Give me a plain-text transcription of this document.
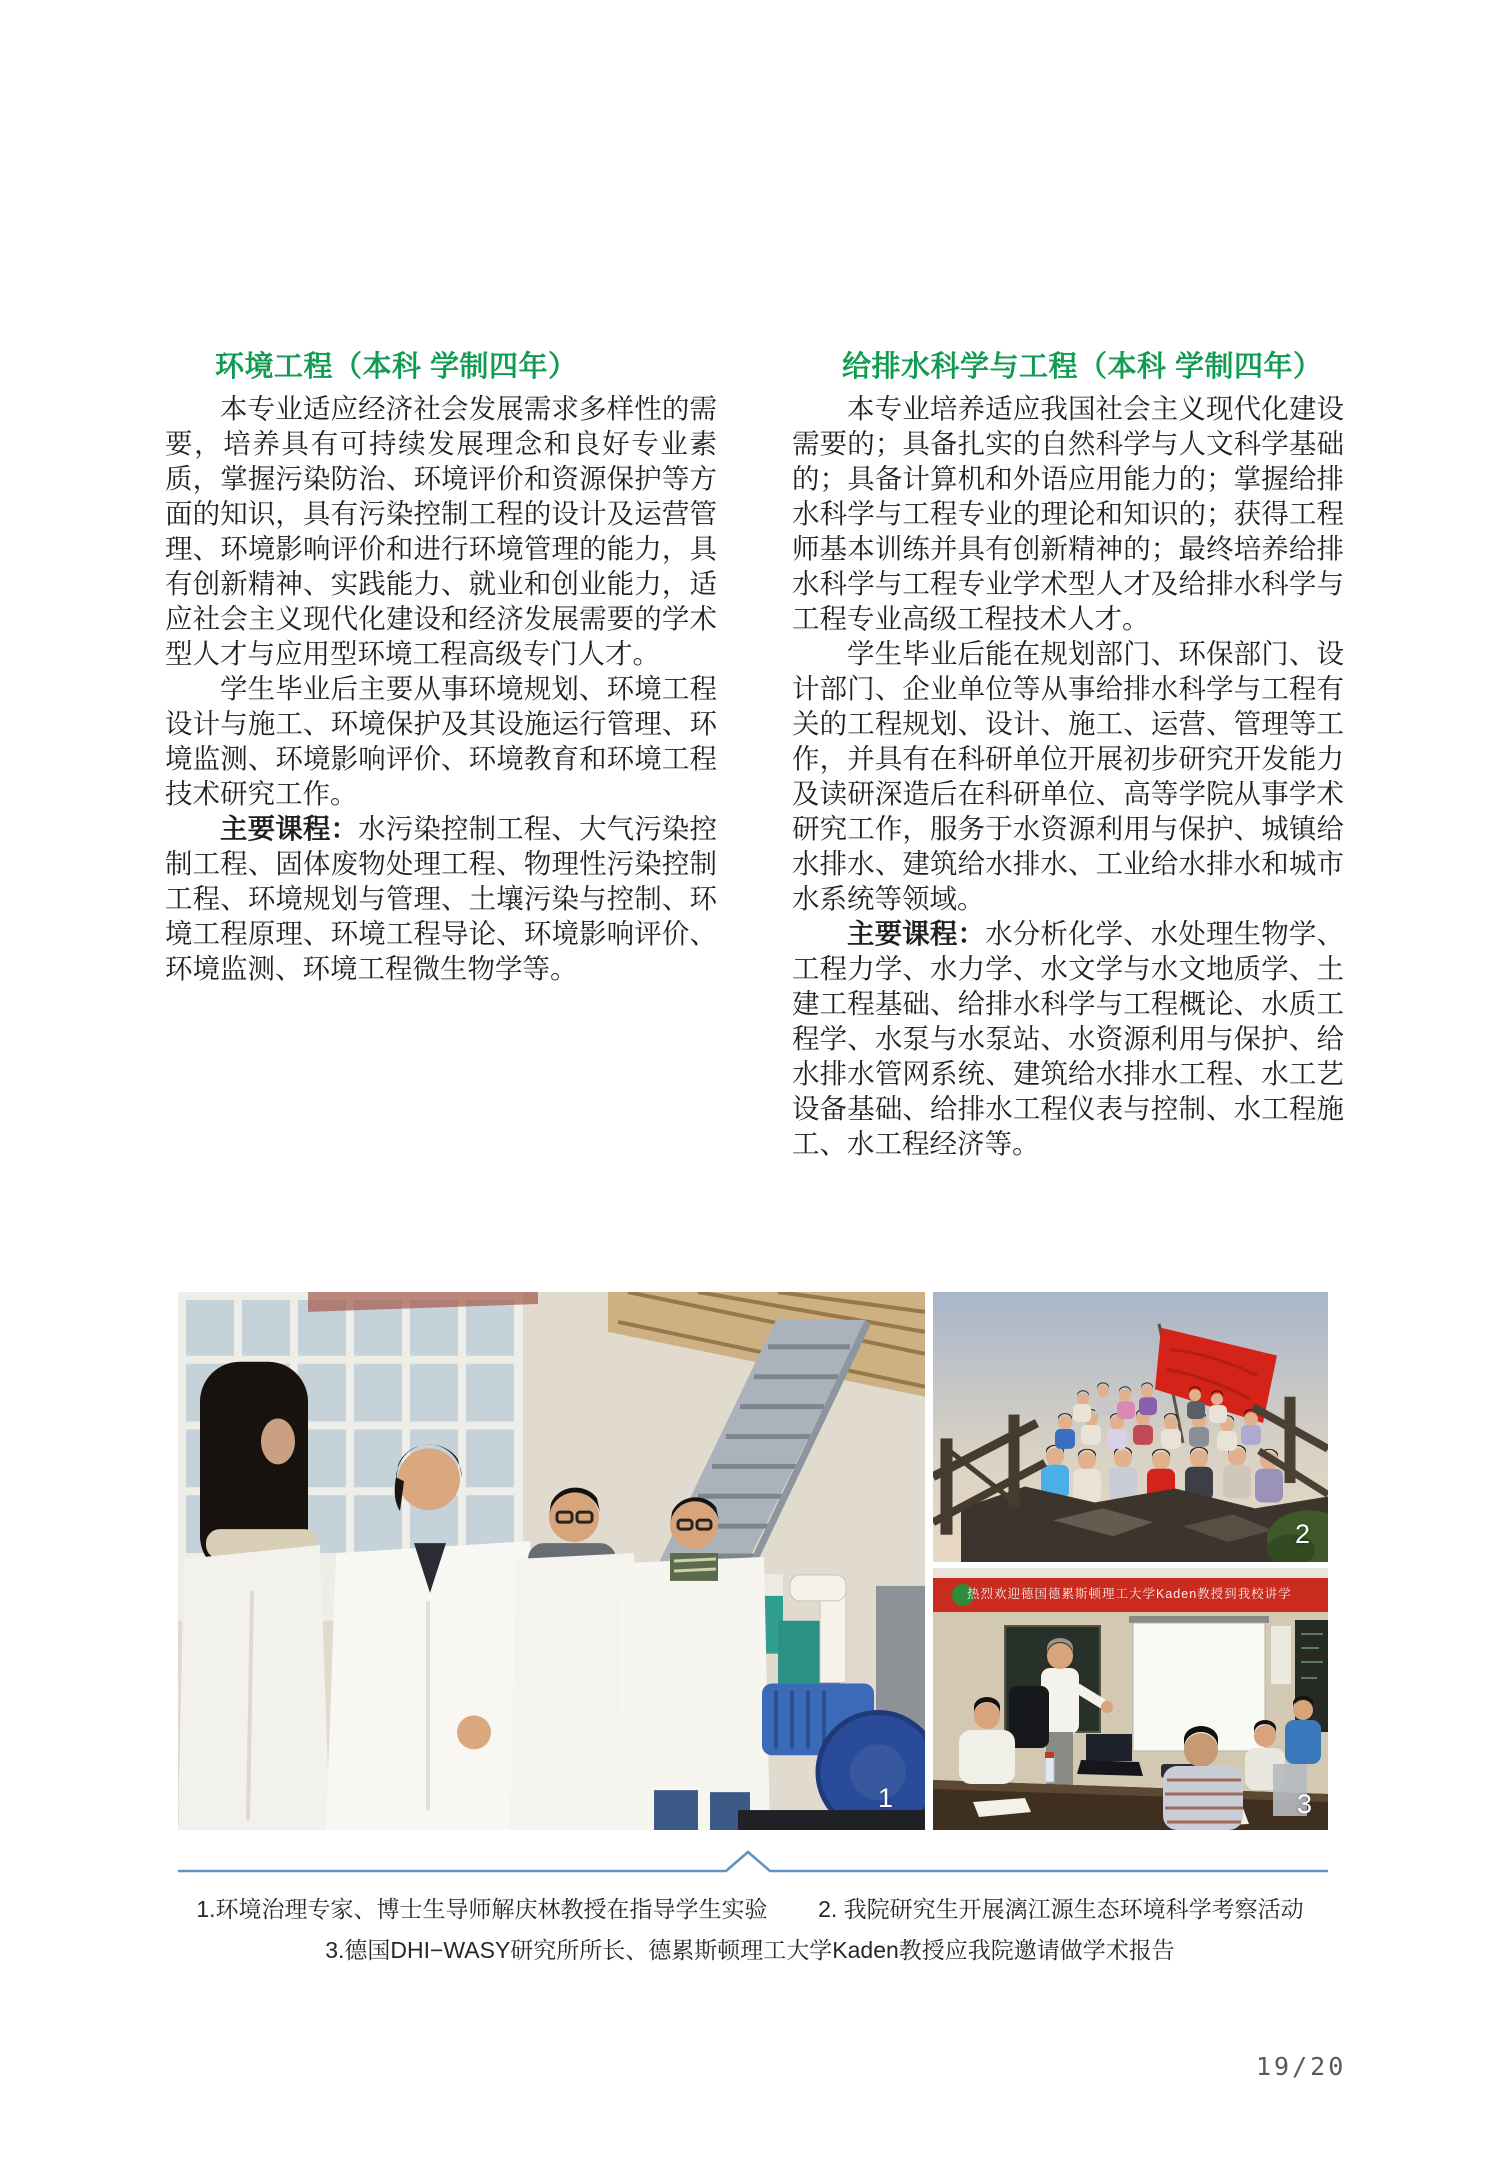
环境工程（本科 学制四年）

本专业适应经济社会发展需求多样性的需要，培养具有可持续发展理念和良好专业素质，掌握污染防治、环境评价和资源保护等方面的知识，具有污染控制工程的设计及运营管理、环境影响评价和进行环境管理的能力，具有创新精神、实践能力、就业和创业能力，适应社会主义现代化建设和经济发展需要的学术型人才与应用型环境工程高级专门人才。

学生毕业后主要从事环境规划、环境工程设计与施工、环境保护及其设施运行管理、环境监测、环境影响评价、环境教育和环境工程技术研究工作。

主要课程：水污染控制工程、大气污染控制工程、固体废物处理工程、物理性污染控制工程、环境规划与管理、土壤污染与控制、环境工程原理、环境工程导论、环境影响评价、环境监测、环境工程微生物学等。

给排水科学与工程（本科 学制四年）

本专业培养适应我国社会主义现代化建设需要的；具备扎实的自然科学与人文科学基础的；具备计算机和外语应用能力的；掌握给排水科学与工程专业的理论和知识的；获得工程师基本训练并具有创新精神的；最终培养给排水科学与工程专业学术型人才及给排水科学与工程专业高级工程技术人才。

学生毕业后能在规划部门、环保部门、设计部门、企业单位等从事给排水科学与工程有关的工程规划、设计、施工、运营、管理等工作，并具有在科研单位开展初步研究开发能力及读研深造后在科研单位、高等学院从事学术研究工作，服务于水资源利用与保护、城镇给水排水、建筑给水排水、工业给水排水和城市水系统等领域。

主要课程：水分析化学、水处理生物学、工程力学、水力学、水文学与水文地质学、土建工程基础、给排水科学与工程概论、水质工程学、水泵与水泵站、水资源利用与保护、给水排水管网系统、建筑给水排水工程、水工艺设备基础、给排水工程仪表与控制、水工程施工、水工程经济等。

1
2
热烈欢迎德国德累斯顿理工大学Kaden教授到我校讲学
3
1.环境治理专家、博士生导师解庆林教授在指导学生实验 2. 我院研究生开展漓江源生态环境科学考察活动
3.德国DHI−WASY研究所所长、德累斯顿理工大学Kaden教授应我院邀请做学术报告
19/20
